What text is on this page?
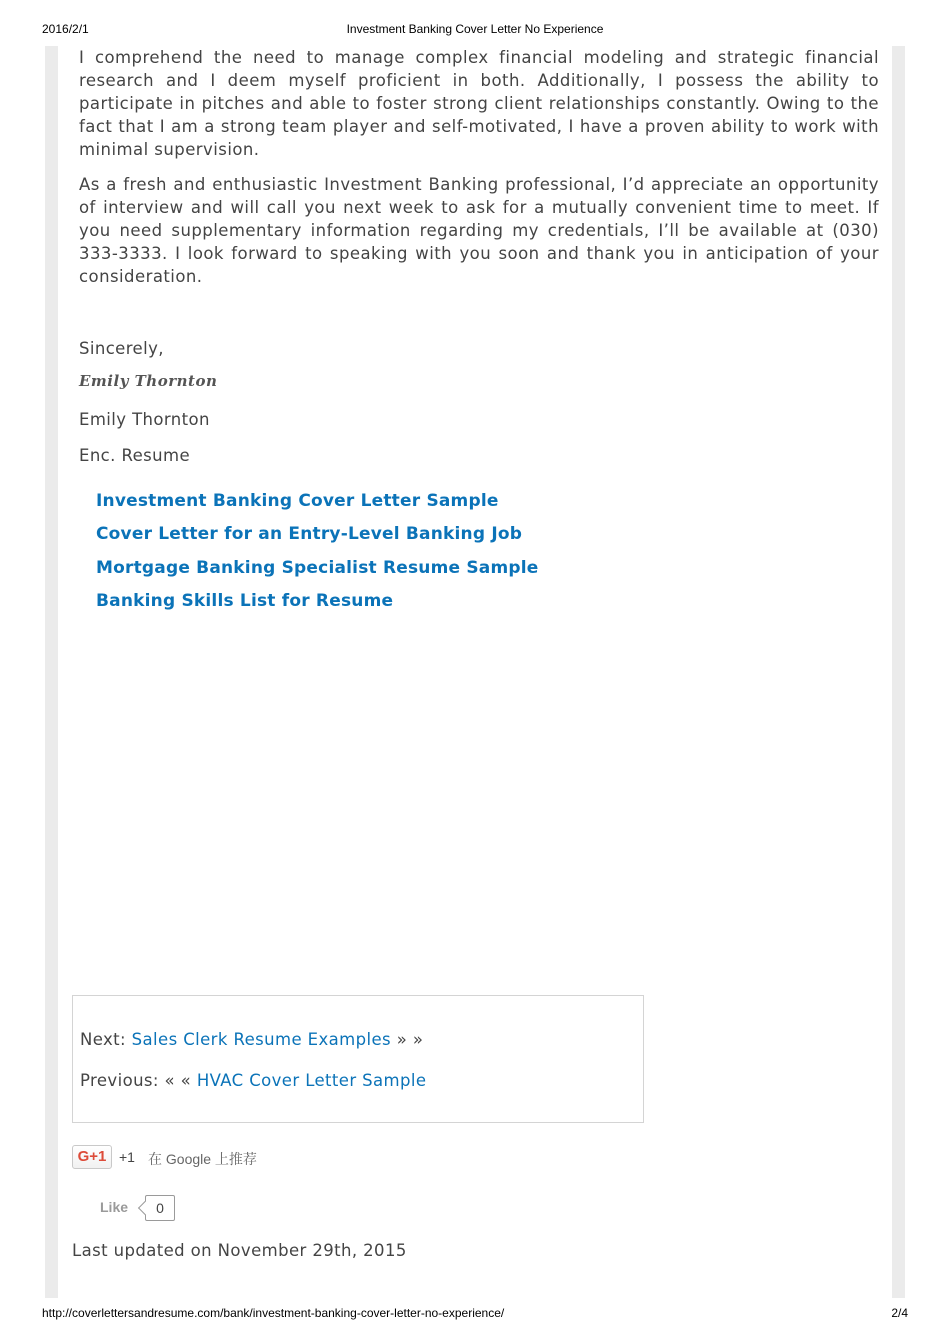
2016/2/1	Investment Banking Cover Letter No Experience

I comprehend the need to manage complex financial modeling and strategic financial research and I deem myself proficient in both. Additionally, I possess the ability to participate in pitches and able to foster strong client relationships constantly. Owing to the fact that I am a strong team player and self-motivated, I have a proven ability to work with minimal supervision.

As a fresh and enthusiastic Investment Banking professional, I’d appreciate an opportunity of interview and will call you next week to ask for a mutually convenient time to meet. If you need supplementary information regarding my credentials, I’ll be available at (030) 333-3333. I look forward to speaking with you soon and thank you in anticipation of your consideration.

Sincerely,
Emily Thornton
Emily Thornton
Enc. Resume
Investment Banking Cover Letter Sample
Cover Letter for an Entry-Level Banking Job
Mortgage Banking Specialist Resume Sample
Banking Skills List for Resume
Next: Sales Clerk Resume Examples » »
Previous: « « HVAC Cover Letter Sample
G+1 +1 在 Google 上推荐
Like	0
Last updated on November 29th, 2015
http://coverlettersandresume.com/bank/investment-banking-cover-letter-no-experience/	2/4
